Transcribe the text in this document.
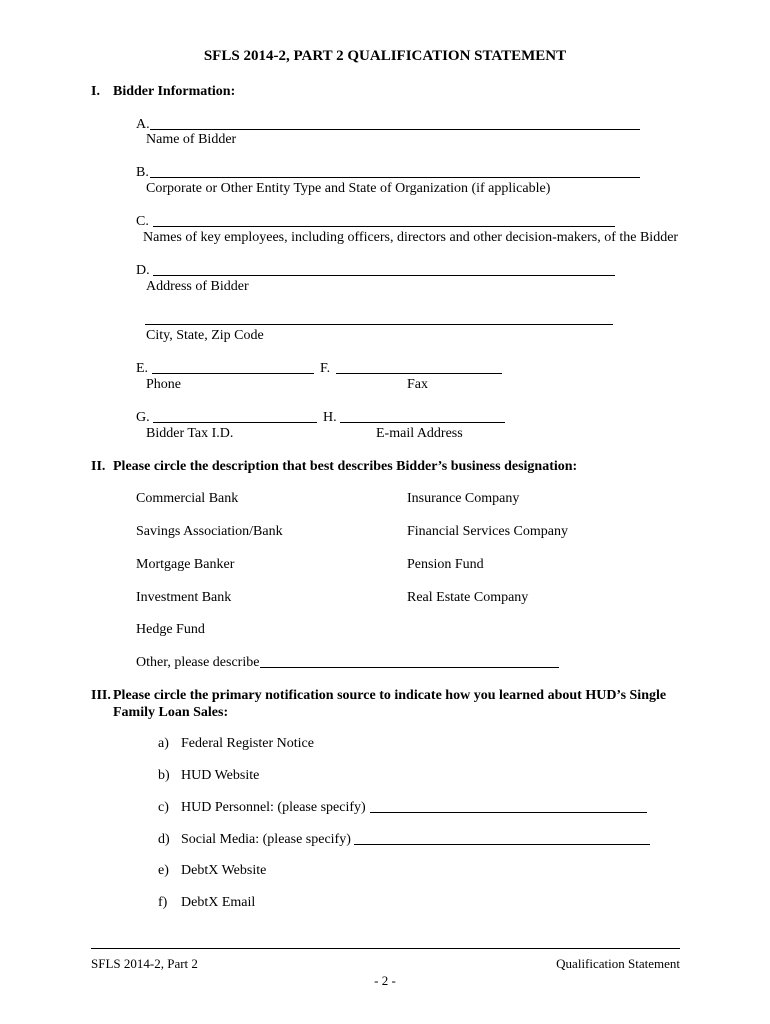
SFLS 2014-2, PART 2 QUALIFICATION STATEMENT
I. Bidder Information:
A.
Name of Bidder
B.
Corporate or Other Entity Type and State of Organization (if applicable)
C.
Names of key employees, including officers, directors and other decision-makers, of the Bidder
D.
Address of Bidder
City, State, Zip Code
E.	F.
Phone	Fax
G.	H.
Bidder Tax I.D.	E-mail Address
II. Please circle the description that best describes Bidder’s business designation:
Commercial Bank
Savings Association/Bank
Mortgage Banker
Investment Bank
Hedge Fund
Insurance Company
Financial Services Company
Pension Fund
Real Estate Company
Other, please describe
III. Please circle the primary notification source to indicate how you learned about HUD’s Single
Family Loan Sales:
a) Federal Register Notice
b) HUD Website
c) HUD Personnel: (please specify)
d) Social Media: (please specify)
e) DebtX Website
f) DebtX Email
SFLS 2014-2, Part 2	Qualification Statement
- 2 -
